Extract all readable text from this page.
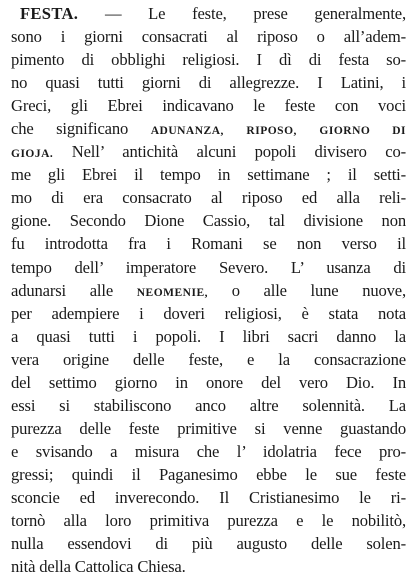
FESTA. — Le feste, prese generalmente,
sono i giorni consacrati al riposo o all’adem-
pimento di obblighi religiosi. I dì di festa so-
no quasi tutti giorni di allegrezze. I Latini, i
Greci, gli Ebrei indicavano le feste con voci
che significano ADUNANZA, RIPOSO, GIORNO DI
GIOJA. Nell’ antichità alcuni popoli divisero co-
me gli Ebrei il tempo in settimane ; il setti-
mo di era consacrato al riposo ed alla reli-
gione. Secondo Dione Cassio, tal divisione non
fu introdotta fra i Romani se non verso il
tempo dell’ imperatore Severo. L’ usanza di
adunarsi alle NEOMENIE, o alle lune nuove,
per adempiere i doveri religiosi, è stata nota
a quasi tutti i popoli. I libri sacri danno la
vera origine delle feste, e la consacrazione
del settimo giorno in onore del vero Dio. In
essi si stabiliscono anco altre solennità. La
purezza delle feste primitive si venne guastando
e svisando a misura che l’ idolatria fece pro-
gressi; quindi il Paganesimo ebbe le sue feste
sconcie ed inverecondo. Il Cristianesimo le ri-
tornò alla loro primitiva purezza e le nobilitò,
nulla essendovi di più augusto delle solen-
nità della Cattolica Chiesa.
